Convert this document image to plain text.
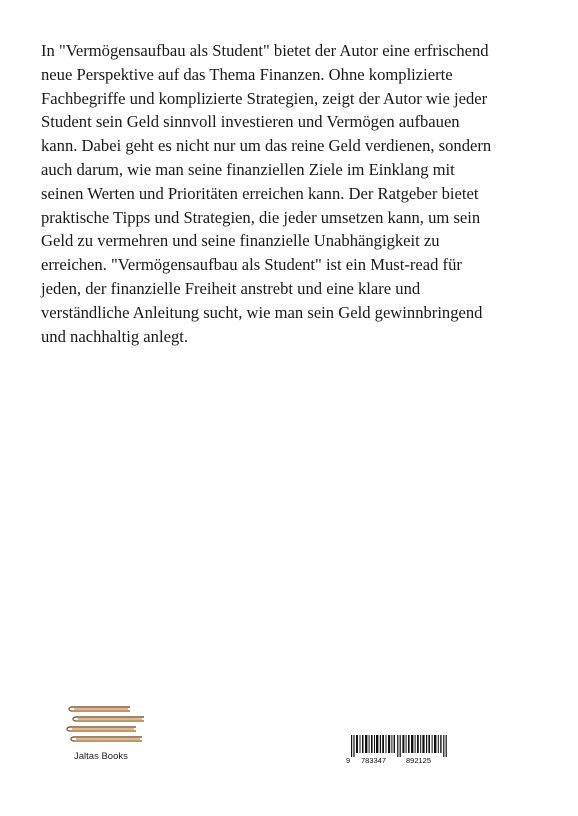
In "Vermögensaufbau als Student" bietet der Autor eine erfrischend
neue Perspektive auf das Thema Finanzen. Ohne komplizierte
Fachbegriffe und komplizierte Strategien, zeigt der Autor wie jeder
Student sein Geld sinnvoll investieren und Vermögen aufbauen
kann. Dabei geht es nicht nur um das reine Geld verdienen, sondern
auch darum, wie man seine finanziellen Ziele im Einklang mit
seinen Werten und Prioritäten erreichen kann. Der Ratgeber bietet
praktische Tipps und Strategien, die jeder umsetzen kann, um sein
Geld zu vermehren und seine finanzielle Unabhängigkeit zu
erreichen. "Vermögensaufbau als Student" ist ein Must-read für
jeden, der finanzielle Freiheit anstrebt und eine klare und
verständliche Anleitung sucht, wie man sein Geld gewinnbringend
und nachhaltig anlegt.

Jaltas Books	9 783347	892125
